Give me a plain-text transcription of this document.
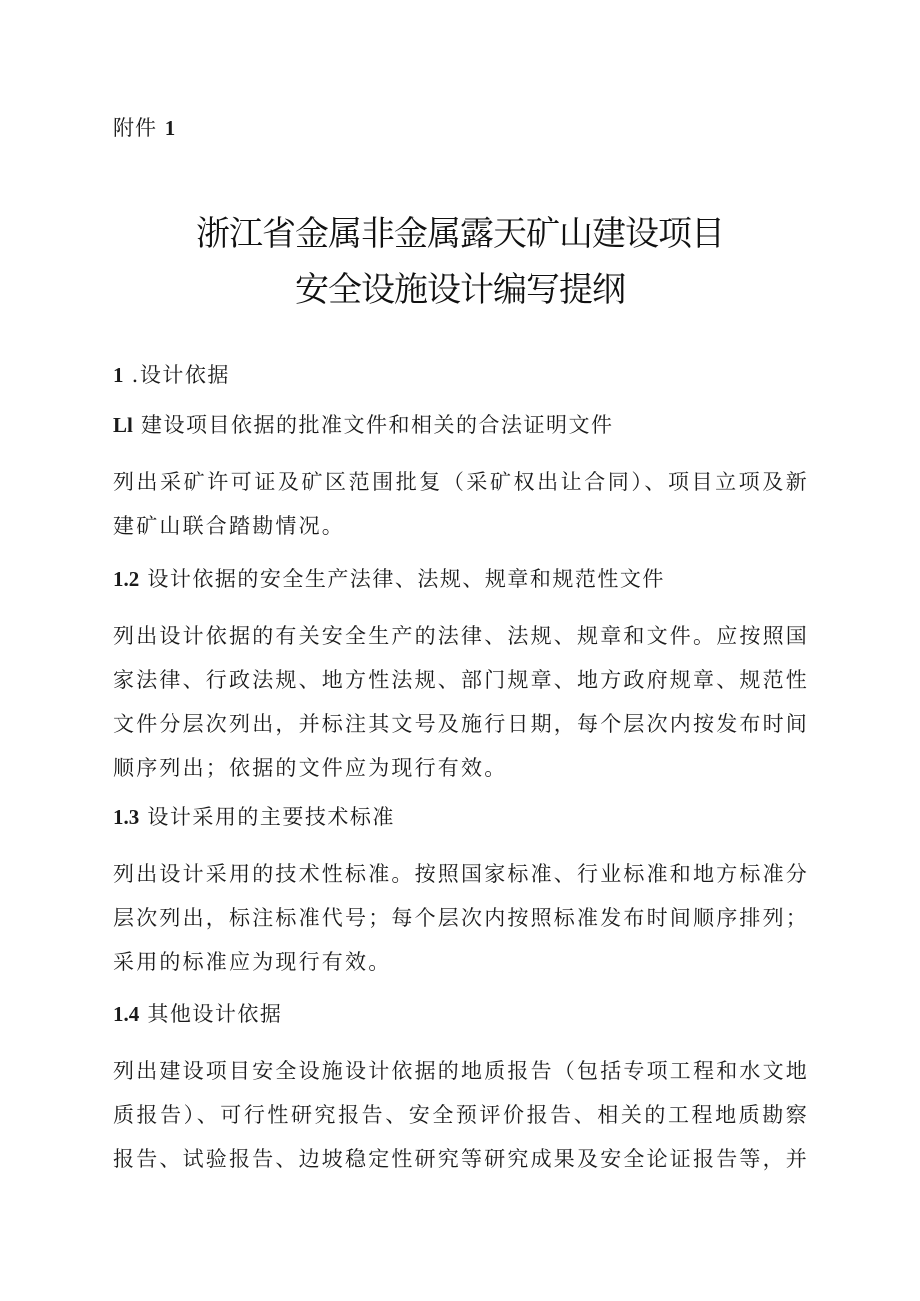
附件 1
浙江省金属非金属露天矿山建设项目
安全设施设计编写提纲
1 .设计依据
Ll 建设项目依据的批准文件和相关的合法证明文件
列出采矿许可证及矿区范围批复（采矿权出让合同）、项目立项及新建矿山联合踏勘情况。
1.2 设计依据的安全生产法律、法规、规章和规范性文件
列出设计依据的有关安全生产的法律、法规、规章和文件。应按照国家法律、行政法规、地方性法规、部门规章、地方政府规章、规范性文件分层次列出，并标注其文号及施行日期，每个层次内按发布时间顺序列出；依据的文件应为现行有效。
1.3 设计采用的主要技术标准
列出设计采用的技术性标准。按照国家标准、行业标准和地方标准分层次列出，标注标准代号；每个层次内按照标准发布时间顺序排列；采用的标准应为现行有效。
1.4 其他设计依据
列出建设项目安全设施设计依据的地质报告（包括专项工程和水文地质报告）、可行性研究报告、安全预评价报告、相关的工程地质勘察报告、试验报告、边坡稳定性研究等研究成果及安全论证报告等，并
